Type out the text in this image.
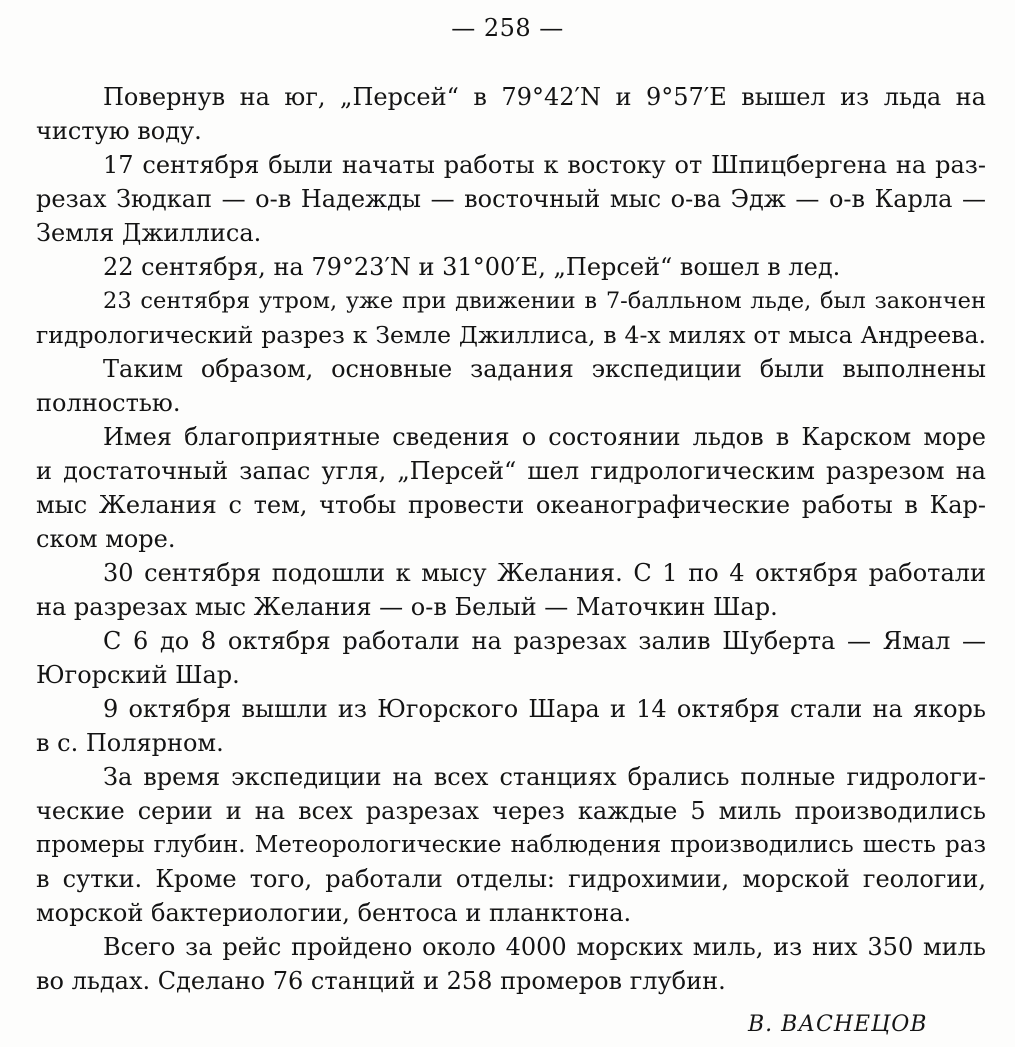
— 258 —
Повернув на юг, „Персей“ в 79°42′N и 9°57′E вышел из льда на
чистую воду.
17 сентября были начаты работы к востоку от Шпицбергена на раз-
резах Зюдкап — о-в Надежды — восточный мыс о-ва Эдж — о-в Карла —
Земля Джиллиса.
22 сентября, на 79°23′N и 31°00′E, „Персей“ вошел в лед.
23 сентября утром, уже при движении в 7-балльном льде, был закончен
гидрологический разрез к Земле Джиллиса, в 4-х милях от мыса Андреева.
Таким образом, основные задания экспедиции были выполнены
полностью.
Имея благоприятные сведения о состоянии льдов в Карском море
и достаточный запас угля, „Персей“ шел гидрологическим разрезом на
мыс Желания с тем, чтобы провести океанографические работы в Кар-
ском море.
30 сентября подошли к мысу Желания. С 1 по 4 октября работали
на разрезах мыс Желания — о-в Белый — Маточкин Шар.
С 6 до 8 октября работали на разрезах залив Шуберта — Ямал —
Югорский Шар.
9 октября вышли из Югорского Шара и 14 октября стали на якорь
в с. Полярном.
За время экспедиции на всех станциях брались полные гидрологи-
ческие серии и на всех разрезах через каждые 5 миль производились
промеры глубин. Метеорологические наблюдения производились шесть раз
в сутки. Кроме того, работали отделы: гидрохимии, морской геологии,
морской бактериологии, бентоса и планктона.
Всего за рейс пройдено около 4000 морских миль, из них 350 миль
во льдах. Сделано 76 станций и 258 промеров глубин.
В. ВАСНЕЦОВ
